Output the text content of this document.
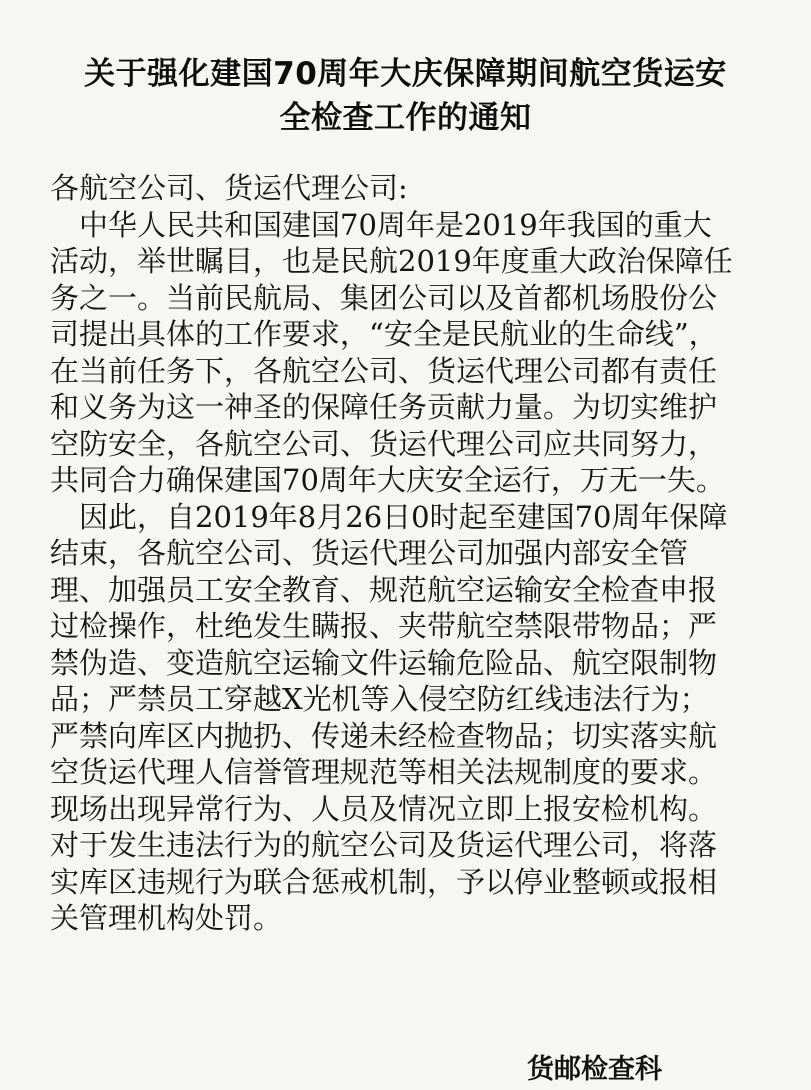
关于强化建国70周年大庆保障期间航空货运安
全检查工作的通知
各航空公司、货运代理公司:
　中华人民共和国建国70周年是2019年我国的重大
活动，举世瞩目，也是民航2019年度重大政治保障任
务之一。当前民航局、集团公司以及首都机场股份公
司提出具体的工作要求，“安全是民航业的生命线”，
在当前任务下，各航空公司、货运代理公司都有责任
和义务为这一神圣的保障任务贡献力量。为切实维护
空防安全，各航空公司、货运代理公司应共同努力，
共同合力确保建国70周年大庆安全运行，万无一失。
　因此，自2019年8月26日0时起至建国70周年保障
结束，各航空公司、货运代理公司加强内部安全管
理、加强员工安全教育、规范航空运输安全检查申报
过检操作，杜绝发生瞒报、夹带航空禁限带物品；严
禁伪造、变造航空运输文件运输危险品、航空限制物
品；严禁员工穿越X光机等入侵空防红线违法行为；
严禁向库区内抛扔、传递未经检查物品；切实落实航
空货运代理人信誉管理规范等相关法规制度的要求。
现场出现异常行为、人员及情况立即上报安检机构。
对于发生违法行为的航空公司及货运代理公司，将落
实库区违规行为联合惩戒机制，予以停业整顿或报相
关管理机构处罚。
货邮检查科
